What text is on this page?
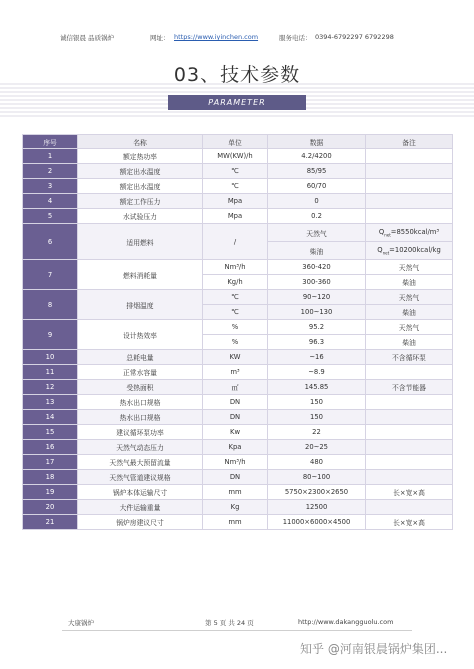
诚信银晨 品质锅炉	网址： https://www.iyinchen.com	服务电话： 0394-6792297 6792298
03、技术参数
PARAMETER
序号	名称	单位	数据	备注
1	额定热功率	MW(KW)/h	4.2/4200	
2	额定出水温度	℃	85/95	
3	额定出水温度	℃	60/70	
4	额定工作压力	Mpa	0	
5	水试验压力	Mpa	0.2	
6	适用燃料	/	天然气	$Q_{net}=8550kcal/m^3$
			柴油	$Q_{net}=10200kcal/kg$
7	燃料消耗量	Nm³/h	360-420	天然气
		Kg/h	300-360	柴油
8	排烟温度	℃	90~120	天然气
		℃	100~130	柴油
9	设计热效率	%	95.2	天然气
		%	96.3	柴油
10	总耗电量	KW	~16	不含循环泵
11	正常水容量	m³	~8.9	
12	受热面积	㎡	145.85	不含节能器
13	热水出口规格	DN	150	
14	热水出口规格	DN	150	
15	建议循环泵功率	Kw	22	
16	天然气动态压力	Kpa	20~25	
17	天然气最大预留流量	Nm³/h	480	
18	天然气管道建议规格	DN	80~100	
19	锅炉本体运输尺寸	mm	5750×2300×2650	长×宽×高
20	大件运输重量	Kg	12500	
21	锅炉房建议尺寸	mm	11000×6000×4500	长×宽×高
大康锅炉	第 5 页 共 24 页	http://www.dakangguolu.com
知乎 @河南银晨锅炉集团...
